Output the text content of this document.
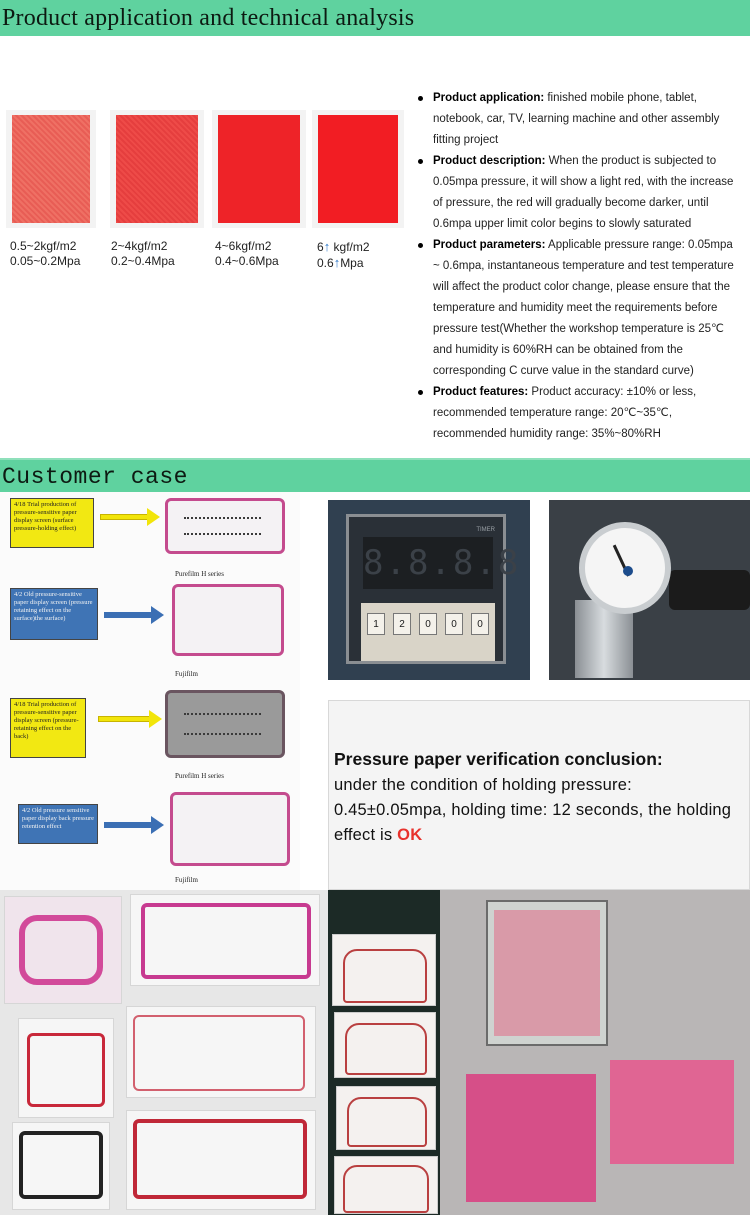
Product application and technical analysis
0.5~2kgf/m2
0.05~0.2Mpa
2~4kgf/m2
0.2~0.4Mpa
4~6kgf/m2
0.4~0.6Mpa
6↑ kgf/m2
0.6↑Mpa
Product application: finished mobile phone, tablet, notebook, car, TV, learning machine and other assembly fitting project
Product description: When the product is subjected to 0.05mpa pressure, it will show a light red, with the increase of pressure, the red will gradually become darker, until 0.6mpa upper limit color begins to slowly saturated
Product parameters: Applicable pressure range: 0.05mpa ~ 0.6mpa, instantaneous temperature and test temperature will affect the product color change, please ensure that the temperature and humidity meet the requirements before pressure test(Whether the workshop temperature is 25℃ and humidity is 60%RH can be obtained from the corresponding C curve value in the standard curve)
Product features: Product accuracy: ±10% or less, recommended temperature range: 20℃~35℃, recommended humidity range: 35%~80%RH
Customer case
4/18 Trial production of pressure-sensitive paper display screen (surface pressure-holding effect)
Purefilm H series
4/2 Old pressure-sensitive paper display screen (pressure retaining effect on the surface)the surface)
Fujifilm
4/18 Trial production of pressure-sensitive paper display screen (pressure-retaining effect on the back)
Purefilm H series
4/2 Old pressure sensitive paper display back pressure retention effect
Fujifilm
TIMER
8.8.8.8
1	2	0	0	0
Pressure paper verification conclusion:
under the condition of holding pressure: 0.45±0.05mpa, holding time: 12 seconds, the holding effect is OK
